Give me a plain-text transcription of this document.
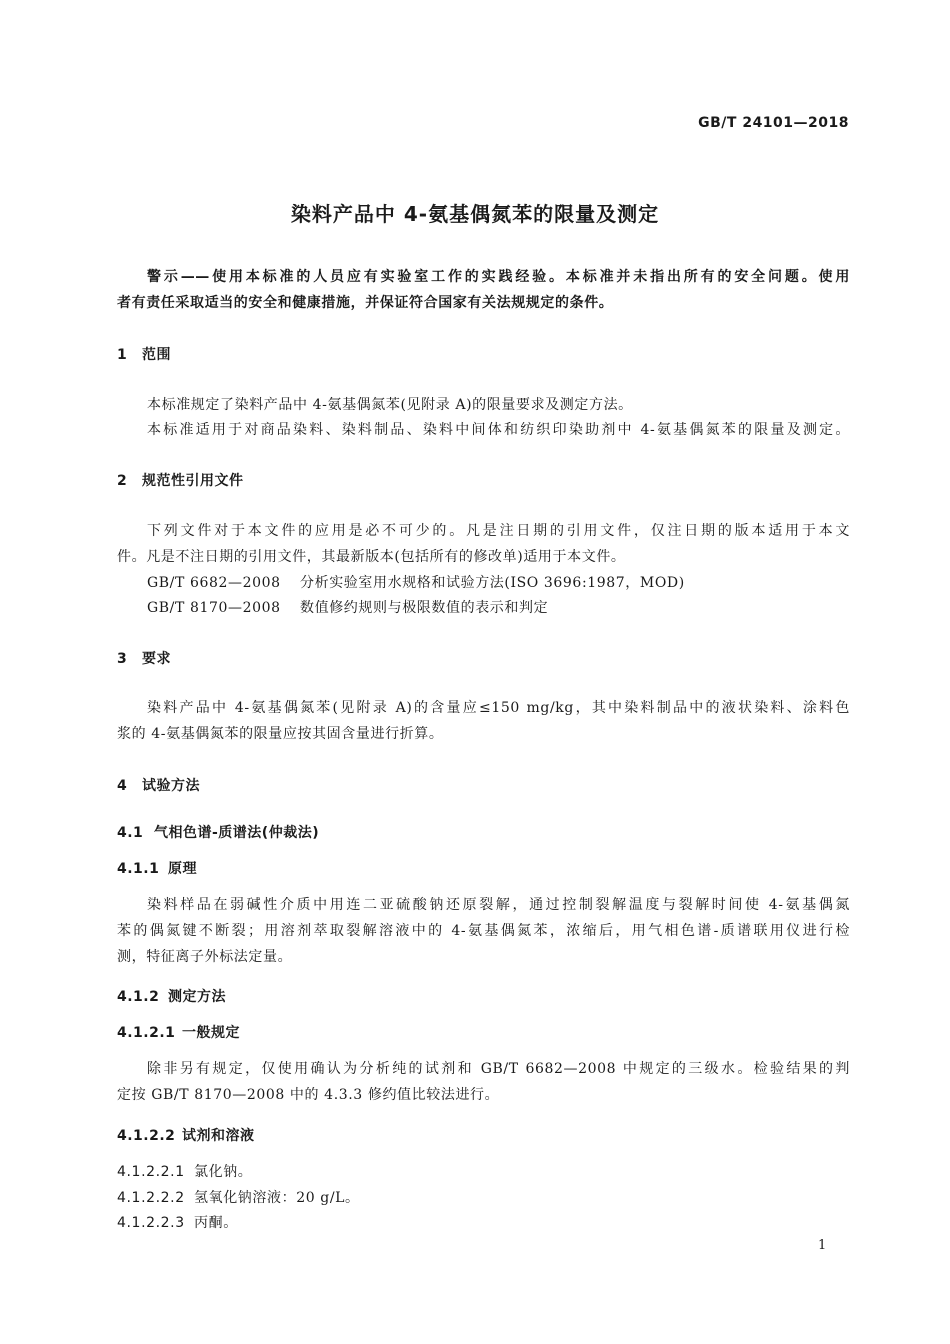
GB/T 24101—2018
染料产品中 4-氨基偶氮苯的限量及测定
警示——使用本标准的人员应有实验室工作的实践经验。本标准并未指出所有的安全问题。使用
者有责任采取适当的安全和健康措施，并保证符合国家有关法规规定的条件。
1 范围
本标准规定了染料产品中 4-氨基偶氮苯(见附录 A)的限量要求及测定方法。
本标准适用于对商品染料、染料制品、染料中间体和纺织印染助剂中 4-氨基偶氮苯的限量及测定。
2 规范性引用文件
下列文件对于本文件的应用是必不可少的。凡是注日期的引用文件，仅注日期的版本适用于本文
件。凡是不注日期的引用文件，其最新版本(包括所有的修改单)适用于本文件。
GB/T 6682—2008 分析实验室用水规格和试验方法(ISO 3696:1987，MOD)
GB/T 8170—2008 数值修约规则与极限数值的表示和判定
3 要求
染料产品中 4-氨基偶氮苯(见附录 A)的含量应≤150 mg/kg，其中染料制品中的液状染料、涂料色
浆的 4-氨基偶氮苯的限量应按其固含量进行折算。
4 试验方法
4.1 气相色谱-质谱法(仲裁法)
4.1.1 原理
染料样品在弱碱性介质中用连二亚硫酸钠还原裂解，通过控制裂解温度与裂解时间使 4-氨基偶氮
苯的偶氮键不断裂；用溶剂萃取裂解溶液中的 4-氨基偶氮苯，浓缩后，用气相色谱-质谱联用仪进行检
测，特征离子外标法定量。
4.1.2 测定方法
4.1.2.1 一般规定
除非另有规定，仅使用确认为分析纯的试剂和 GB/T 6682—2008 中规定的三级水。检验结果的判
定按 GB/T 8170—2008 中的 4.3.3 修约值比较法进行。
4.1.2.2 试剂和溶液
4.1.2.2.1 氯化钠。
4.1.2.2.2 氢氧化钠溶液：20 g/L。
4.1.2.2.3 丙酮。
1
